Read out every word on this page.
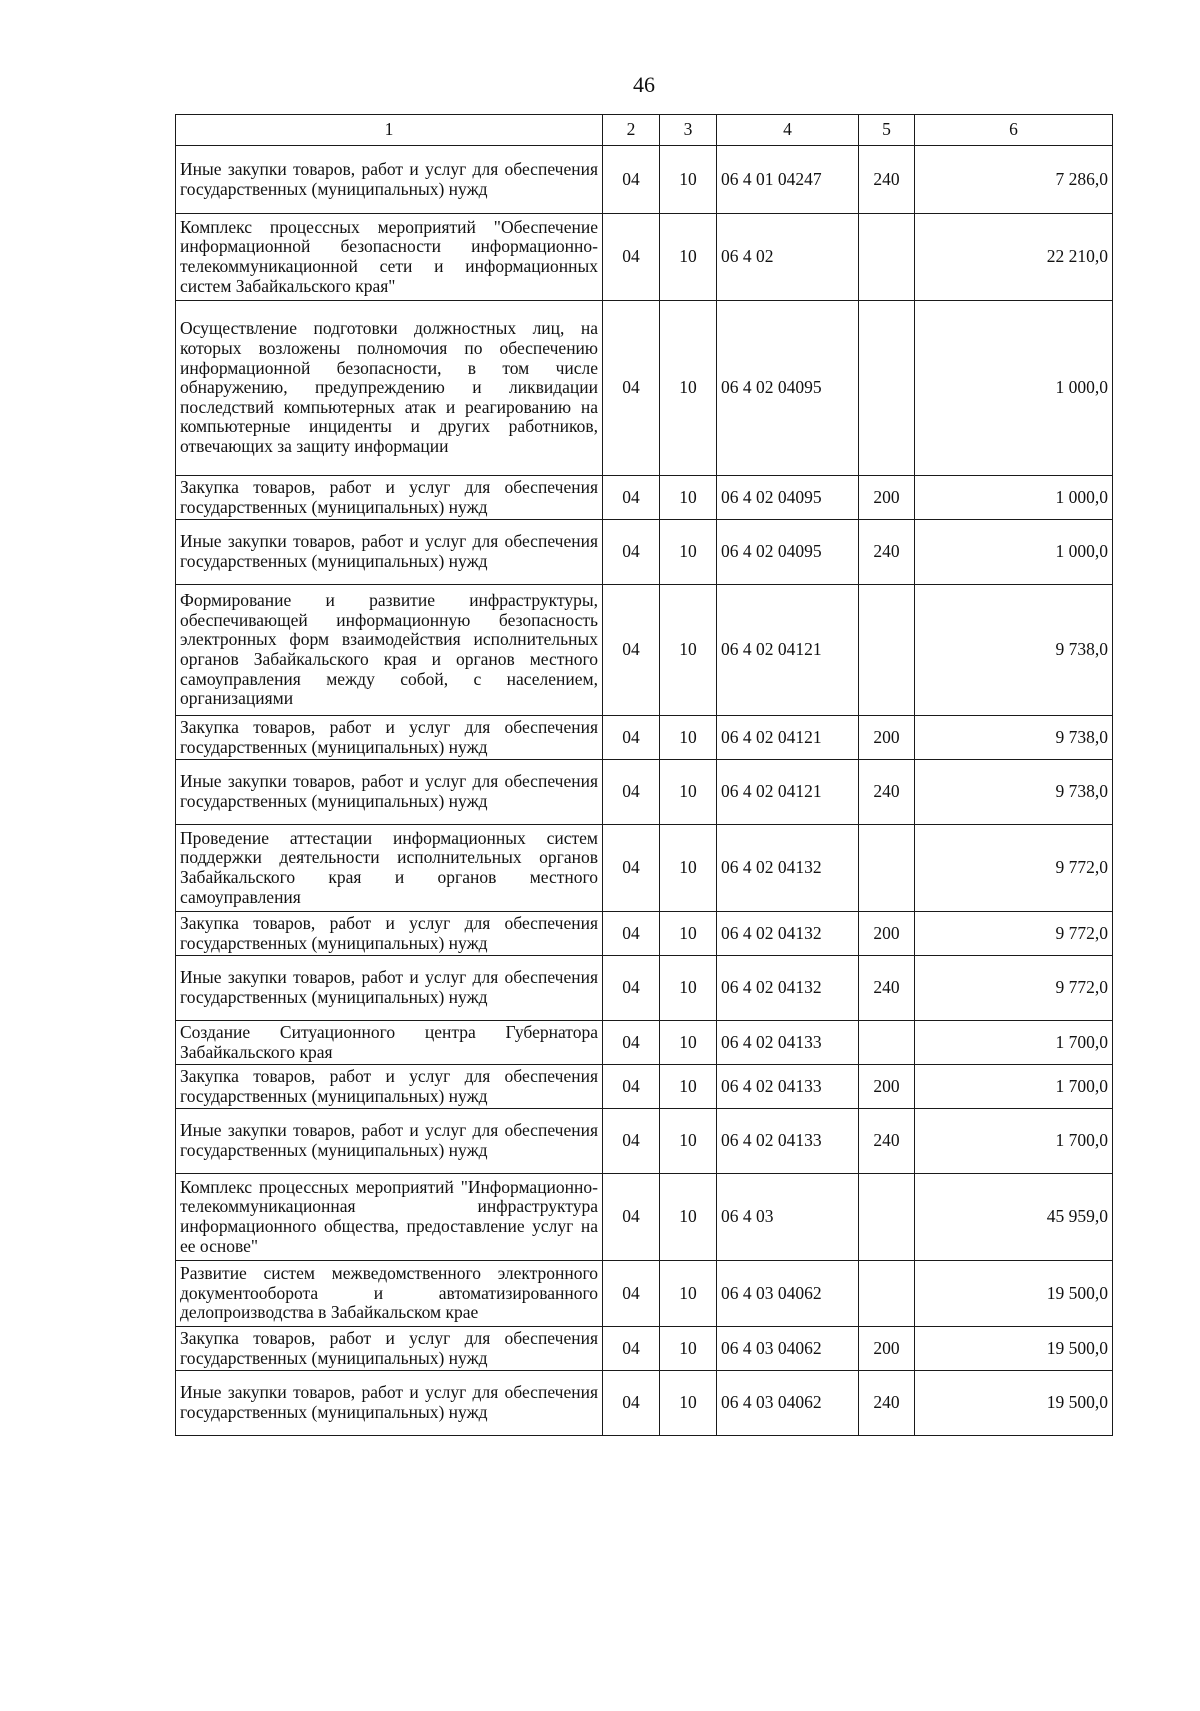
46
1	2	3	4	5	6
Иные закупки товаров, работ и услуг для обеспечения государственных (муниципальных) нужд	04	10	06 4 01 04247	240	7 286,0
Комплекс процессных мероприятий "Обеспечение информационной безопасности информационно-телекоммуникационной сети и информационных систем Забайкальского края"	04	10	06 4 02		22 210,0
Осуществление подготовки должностных лиц, на которых возложены полномочия по обеспечению информационной безопасности, в том числе обнаружению, предупреждению и ликвидации последствий компьютерных атак и реагированию на компьютерные инциденты и других работников, отвечающих за защиту информации	04	10	06 4 02 04095		1 000,0
Закупка товаров, работ и услуг для обеспечения государственных (муниципальных) нужд	04	10	06 4 02 04095	200	1 000,0
Иные закупки товаров, работ и услуг для обеспечения государственных (муниципальных) нужд	04	10	06 4 02 04095	240	1 000,0
Формирование и развитие инфраструктуры, обеспечивающей информационную безопасность электронных форм взаимодействия исполнительных органов Забайкальского края и органов местного самоуправления между собой, с населением, организациями	04	10	06 4 02 04121		9 738,0
Закупка товаров, работ и услуг для обеспечения государственных (муниципальных) нужд	04	10	06 4 02 04121	200	9 738,0
Иные закупки товаров, работ и услуг для обеспечения государственных (муниципальных) нужд	04	10	06 4 02 04121	240	9 738,0
Проведение аттестации информационных систем поддержки деятельности исполнительных органов Забайкальского края и органов местного самоуправления	04	10	06 4 02 04132		9 772,0
Закупка товаров, работ и услуг для обеспечения государственных (муниципальных) нужд	04	10	06 4 02 04132	200	9 772,0
Иные закупки товаров, работ и услуг для обеспечения государственных (муниципальных) нужд	04	10	06 4 02 04132	240	9 772,0
Создание Ситуационного центра Губернатора Забайкальского края	04	10	06 4 02 04133		1 700,0
Закупка товаров, работ и услуг для обеспечения государственных (муниципальных) нужд	04	10	06 4 02 04133	200	1 700,0
Иные закупки товаров, работ и услуг для обеспечения государственных (муниципальных) нужд	04	10	06 4 02 04133	240	1 700,0
Комплекс процессных мероприятий "Информационно-телекоммуникационная инфраструктура информационного общества, предоставление услуг на ее основе"	04	10	06 4 03		45 959,0
Развитие систем межведомственного электронного документооборота и автоматизированного делопроизводства в Забайкальском крае	04	10	06 4 03 04062		19 500,0
Закупка товаров, работ и услуг для обеспечения государственных (муниципальных) нужд	04	10	06 4 03 04062	200	19 500,0
Иные закупки товаров, работ и услуг для обеспечения государственных (муниципальных) нужд	04	10	06 4 03 04062	240	19 500,0
